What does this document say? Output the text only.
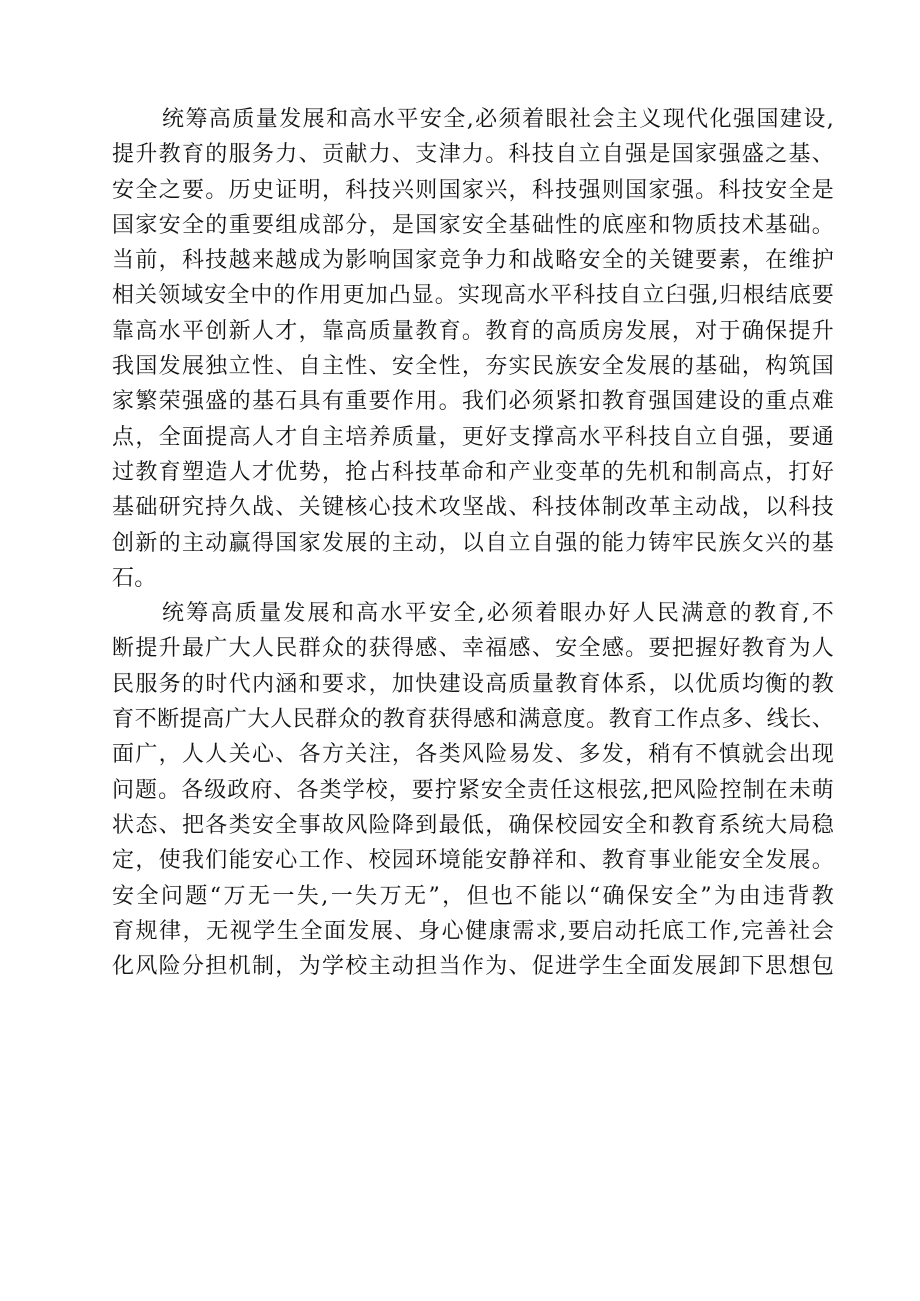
统筹高质量发展和高水平安全,必须着眼社会主义现代化强国建设,
提升教育的服务力、贡献力、支津力。科技自立自强是国家强盛之基、
安全之要。历史证明，科技兴则国家兴，科技强则国家强。科技安全是
国家安全的重要组成部分，是国家安全基础性的底座和物质技术基础。
当前，科技越来越成为影响国家竞争力和战略安全的关键要素，在维护
相关领域安全中的作用更加凸显。实现高水平科技自立臼强,归根结底要
靠高水平创新人才，靠高质量教育。教育的高质房发展，对于确保提升
我国发展独立性、自主性、安全性，夯实民族安全发展的基础，构筑国
家繁荣强盛的基石具有重要作用。我们必须紧扣教育强国建设的重点难
点，全面提高人才自主培养质量，更好支撑高水平科技自立自强，要通
过教育塑造人才优势，抢占科技革命和产业变革的先机和制高点，打好
基础研究持久战、关键核心技术攻坚战、科技体制改革主动战，以科技
创新的主动赢得国家发展的主动，以自立自强的能力铸牢民族攵兴的基
石。
统筹高质量发展和高水平安全,必须着眼办好人民满意的教育,不
断提升最广大人民群众的获得感、幸福感、安全感。要把握好教育为人
民服务的时代内涵和要求，加快建设高质量教育体系，以优质均衡的教
育不断提高广大人民群众的教育获得感和满意度。教育工作点多、线长、
面广，人人关心、各方关注，各类风险易发、多发，稍有不慎就会出现
问题。各级政府、各类学校，要拧紧安全责任这根弦,把风险控制在未萌
状态、把各类安全事故风险降到最低，确保校园安全和教育系统大局稳
定，使我们能安心工作、校园环境能安静祥和、教育事业能安全发展。
安全问题“万无一失,一失万无”，但也不能以“确保安全”为由违背教
育规律，无视学生全面发展、身心健康需求,要启动托底工作,完善社会
化风险分担机制，为学校主动担当作为、促进学生全面发展卸下思想包
